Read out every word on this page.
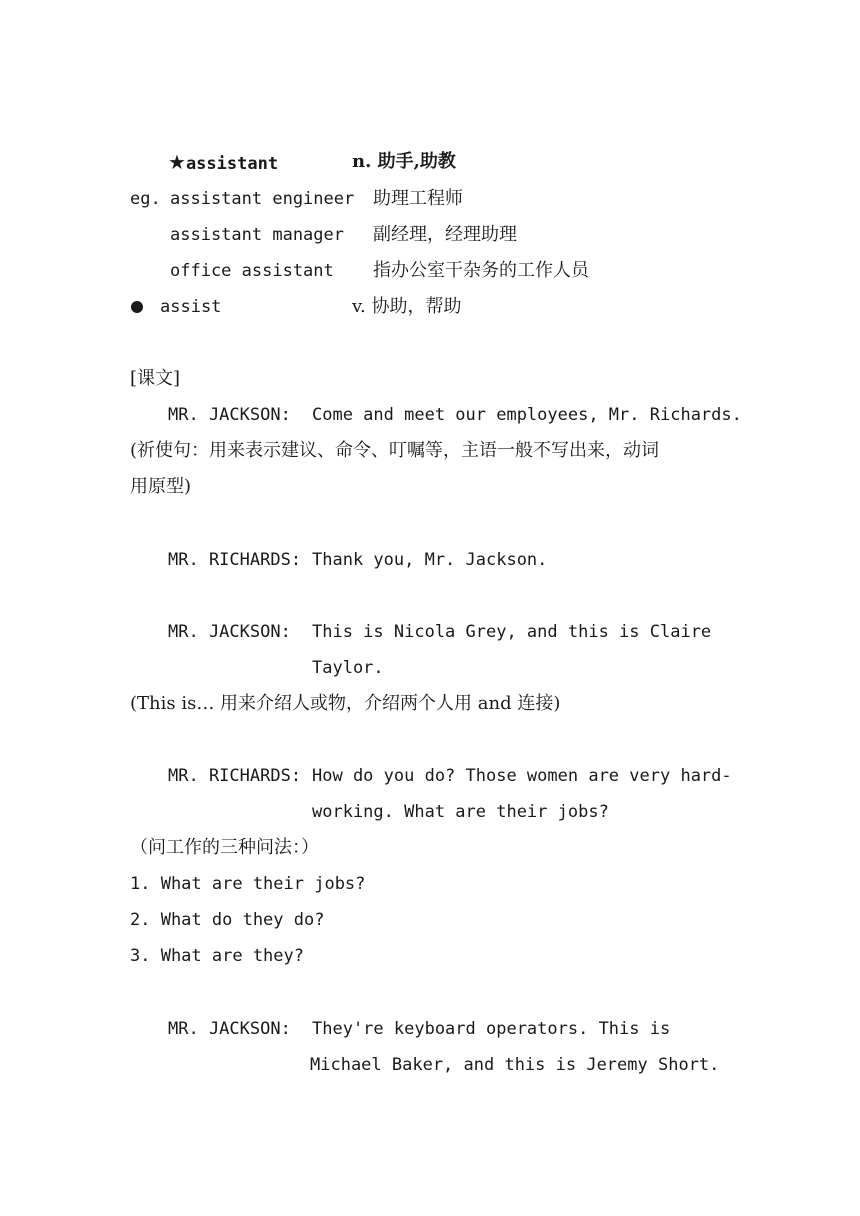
★assistant	n. 助手,助教
eg. assistant engineer 助理工程师
assistant manager 副经理，经理助理
office assistant 指办公室干杂务的工作人员
assist	v. 协助，帮助
[课文]
MR. JACKSON: Come and meet our employees, Mr. Richards.
(祈使句：用来表示建议、命令、叮嘱等，主语一般不写出来，动词
用原型)
MR. RICHARDS: Thank you, Mr. Jackson.
MR. JACKSON: This is Nicola Grey, and this is Claire
Taylor.
(This is… 用来介绍人或物，介绍两个人用 and 连接)
MR. RICHARDS: How do you do? Those women are very hard-
working. What are their jobs?
（问工作的三种问法：）
1. What are their jobs?
2. What do they do?
3. What are they?
MR. JACKSON: They're keyboard operators. This is
Michael Baker, and this is Jeremy Short.
